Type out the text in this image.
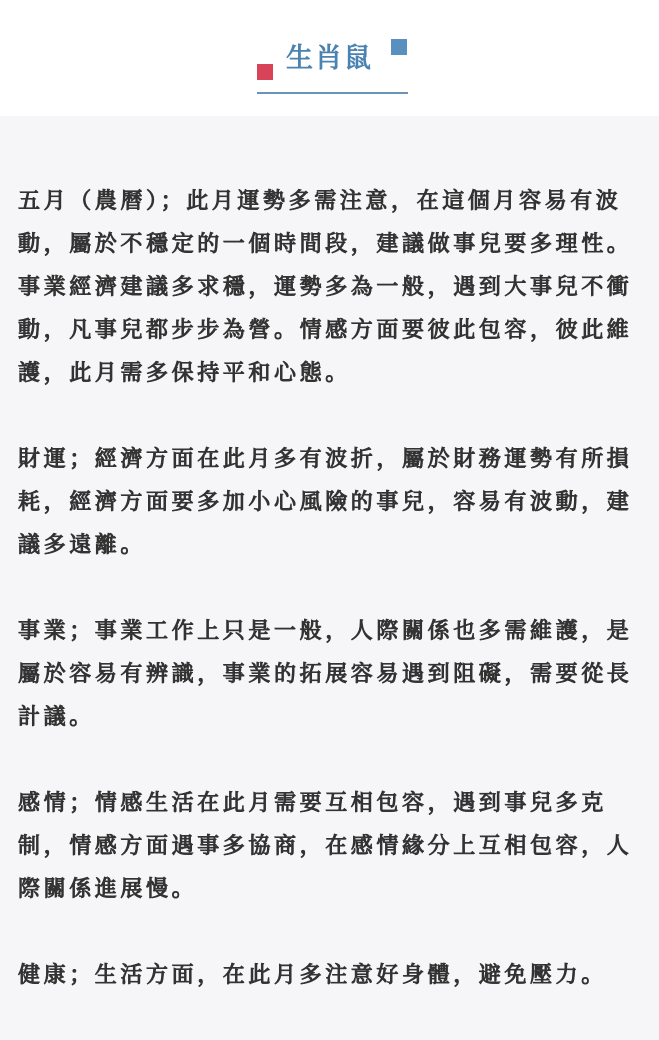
生肖鼠

五月（農曆）；此月運勢多需注意，在這個月容易有波動，屬於不穩定的一個時間段，建議做事兒要多理性。事業經濟建議多求穩，運勢多為一般，遇到大事兒不衝動，凡事兒都步步為營。情感方面要彼此包容，彼此維護，此月需多保持平和心態。

財運；經濟方面在此月多有波折，屬於財務運勢有所損耗，經濟方面要多加小心風險的事兒，容易有波動，建議多遠離。

事業；事業工作上只是一般，人際關係也多需維護，是屬於容易有辨識，事業的拓展容易遇到阻礙，需要從長計議。

感情；情感生活在此月需要互相包容，遇到事兒多克制，情感方面遇事多協商，在感情緣分上互相包容，人際關係進展慢。

健康；生活方面，在此月多注意好身體，避免壓力。
